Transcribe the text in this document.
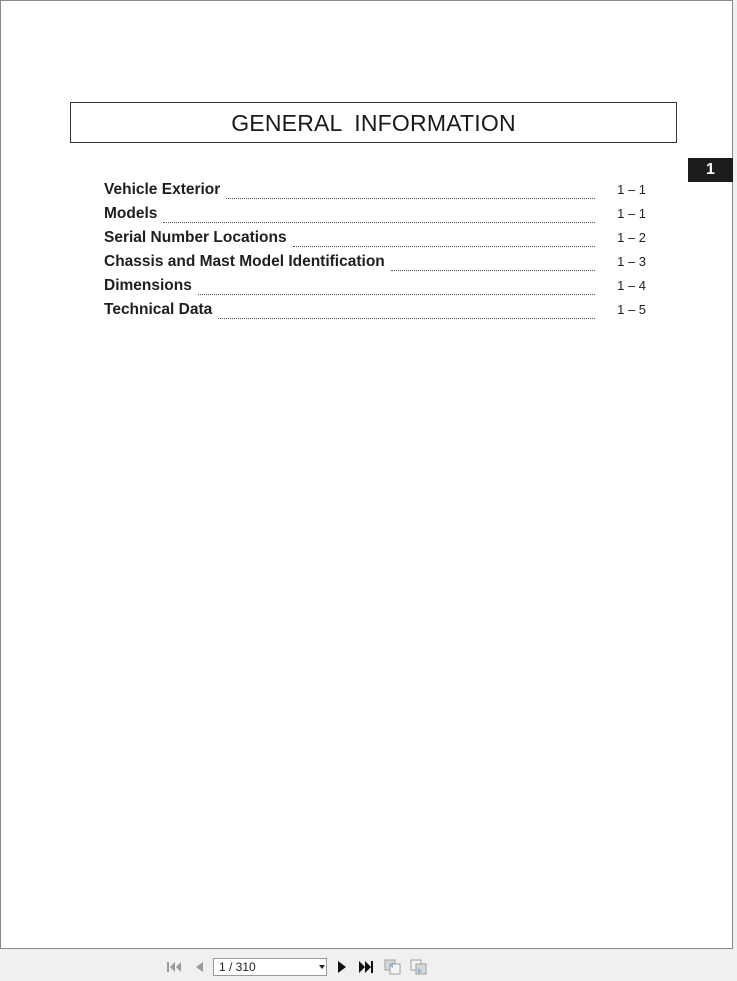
GENERAL INFORMATION
1
Vehicle Exterior	1 – 1
Models	1 – 1
Serial Number Locations	1 – 2
Chassis and Mast Model Identification	1 – 3
Dimensions	1 – 4
Technical Data	1 – 5
1 / 310
